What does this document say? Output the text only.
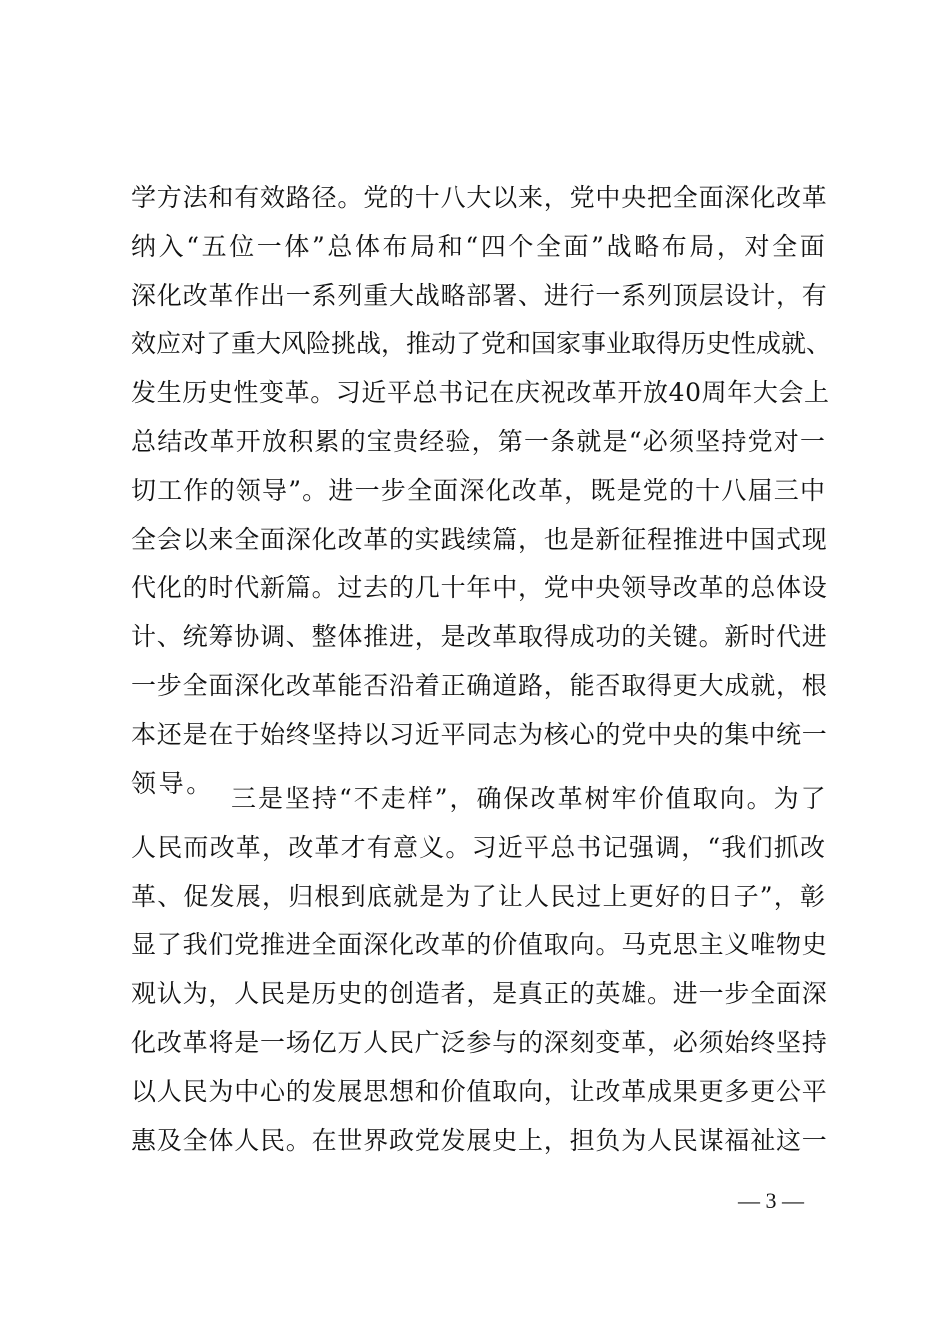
学方法和有效路径。党的十八大以来，党中央把全面深化改革
纳入“五位一体”总体布局和“四个全面”战略布局，对全面
深化改革作出一系列重大战略部署、进行一系列顶层设计，有
效应对了重大风险挑战，推动了党和国家事业取得历史性成就、
发生历史性变革。习近平总书记在庆祝改革开放40周年大会上
总结改革开放积累的宝贵经验，第一条就是“必须坚持党对一
切工作的领导”。进一步全面深化改革，既是党的十八届三中
全会以来全面深化改革的实践续篇，也是新征程推进中国式现
代化的时代新篇。过去的几十年中，党中央领导改革的总体设
计、统筹协调、整体推进，是改革取得成功的关键。新时代进
一步全面深化改革能否沿着正确道路，能否取得更大成就，根
本还是在于始终坚持以习近平同志为核心的党中央的集中统一
领导。
三是坚持“不走样”，确保改革树牢价值取向。为了
人民而改革，改革才有意义。习近平总书记强调，“我们抓改
革、促发展，归根到底就是为了让人民过上更好的日子”，彰
显了我们党推进全面深化改革的价值取向。马克思主义唯物史
观认为，人民是历史的创造者，是真正的英雄。进一步全面深
化改革将是一场亿万人民广泛参与的深刻变革，必须始终坚持
以人民为中心的发展思想和价值取向，让改革成果更多更公平
惠及全体人民。在世界政党发展史上，担负为人民谋福祉这一
— 3 —
